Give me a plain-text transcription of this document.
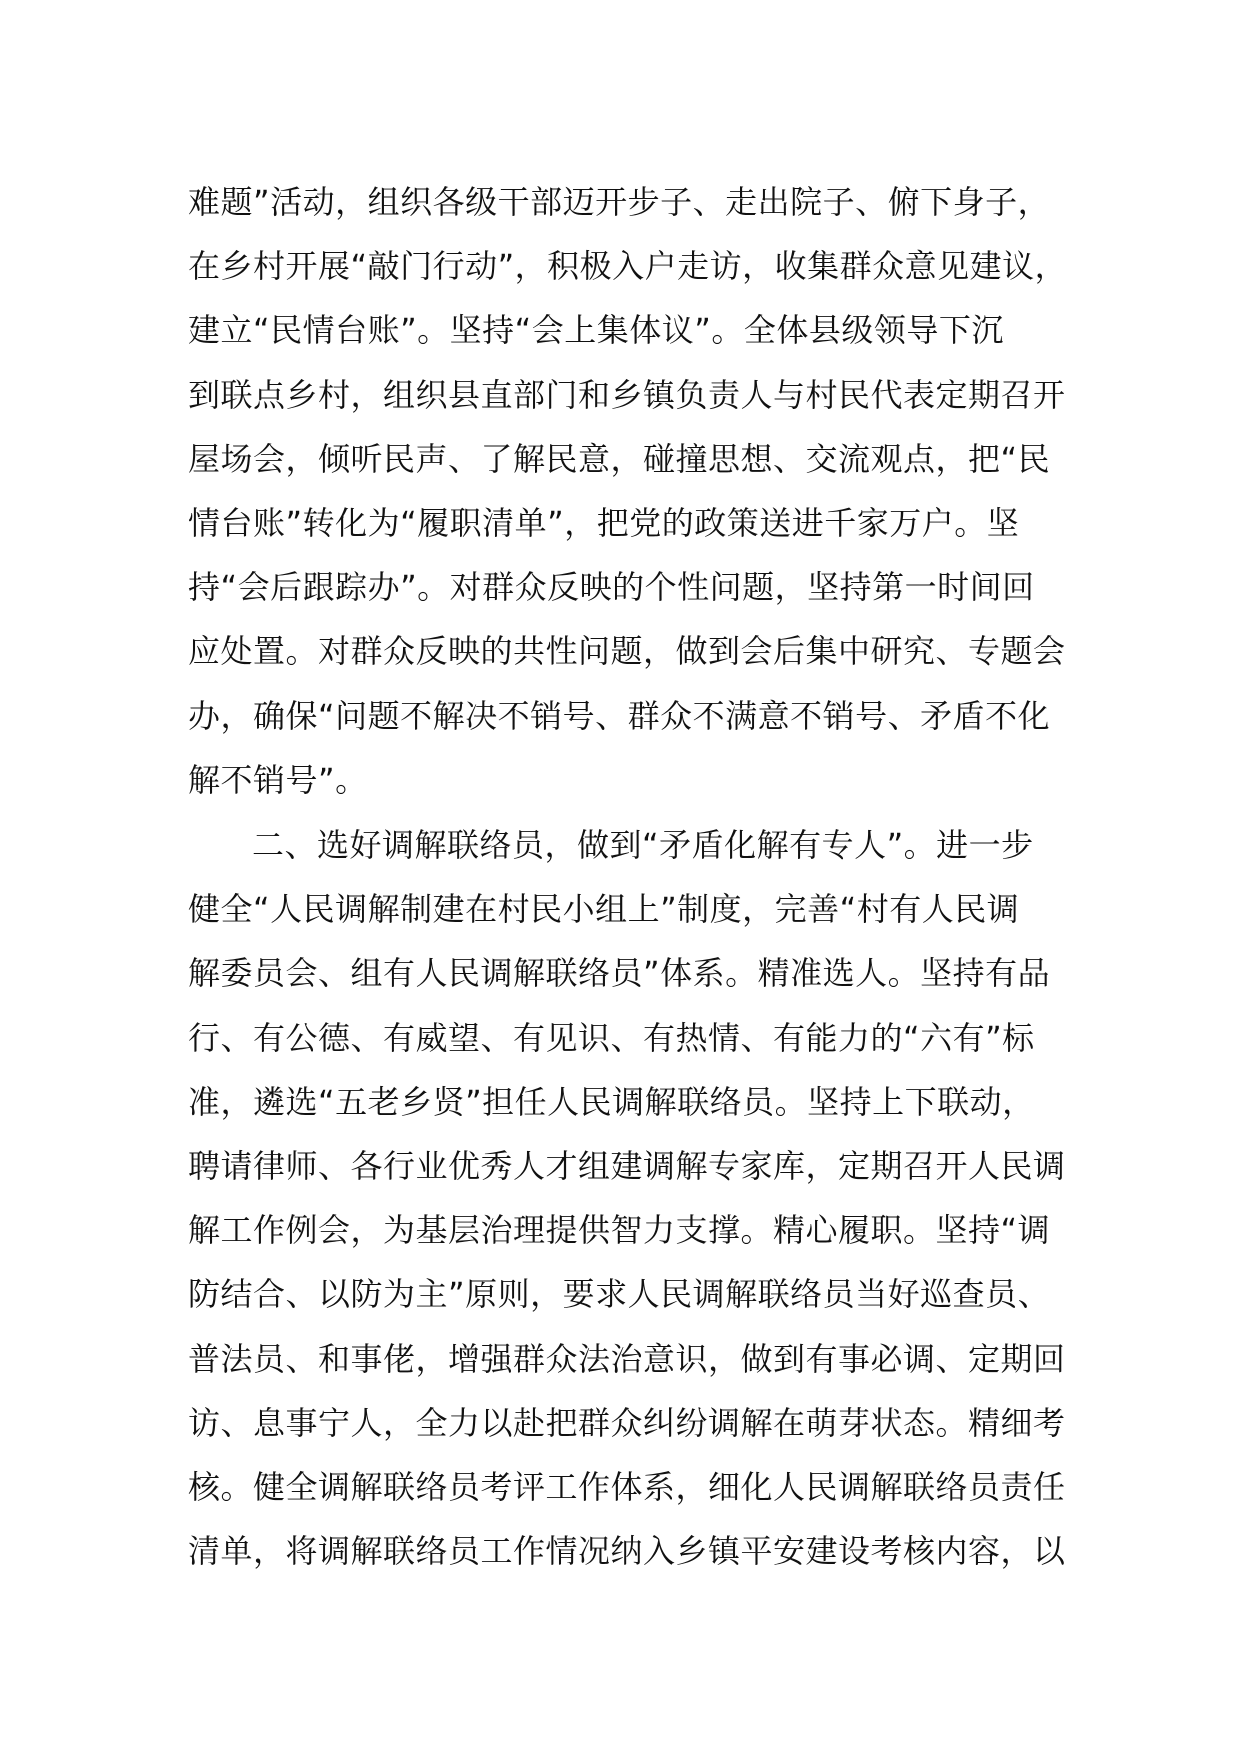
难题”活动，组织各级干部迈开步子、走出院子、俯下身子，
在乡村开展“敲门行动”，积极入户走访，收集群众意见建议，
建立“民情台账”。坚持“会上集体议”。全体县级领导下沉
到联点乡村，组织县直部门和乡镇负责人与村民代表定期召开
屋场会，倾听民声、了解民意，碰撞思想、交流观点，把“民
情台账”转化为“履职清单”，把党的政策送进千家万户。坚
持“会后跟踪办”。对群众反映的个性问题，坚持第一时间回
应处置。对群众反映的共性问题，做到会后集中研究、专题会
办，确保“问题不解决不销号、群众不满意不销号、矛盾不化
解不销号”。
二、选好调解联络员，做到“矛盾化解有专人”。进一步
健全“人民调解制建在村民小组上”制度，完善“村有人民调
解委员会、组有人民调解联络员”体系。精准选人。坚持有品
行、有公德、有威望、有见识、有热情、有能力的“六有”标
准，遴选“五老乡贤”担任人民调解联络员。坚持上下联动，
聘请律师、各行业优秀人才组建调解专家库，定期召开人民调
解工作例会，为基层治理提供智力支撑。精心履职。坚持“调
防结合、以防为主”原则，要求人民调解联络员当好巡查员、
普法员、和事佬，增强群众法治意识，做到有事必调、定期回
访、息事宁人，全力以赴把群众纠纷调解在萌芽状态。精细考
核。健全调解联络员考评工作体系，细化人民调解联络员责任
清单，将调解联络员工作情况纳入乡镇平安建设考核内容，以
